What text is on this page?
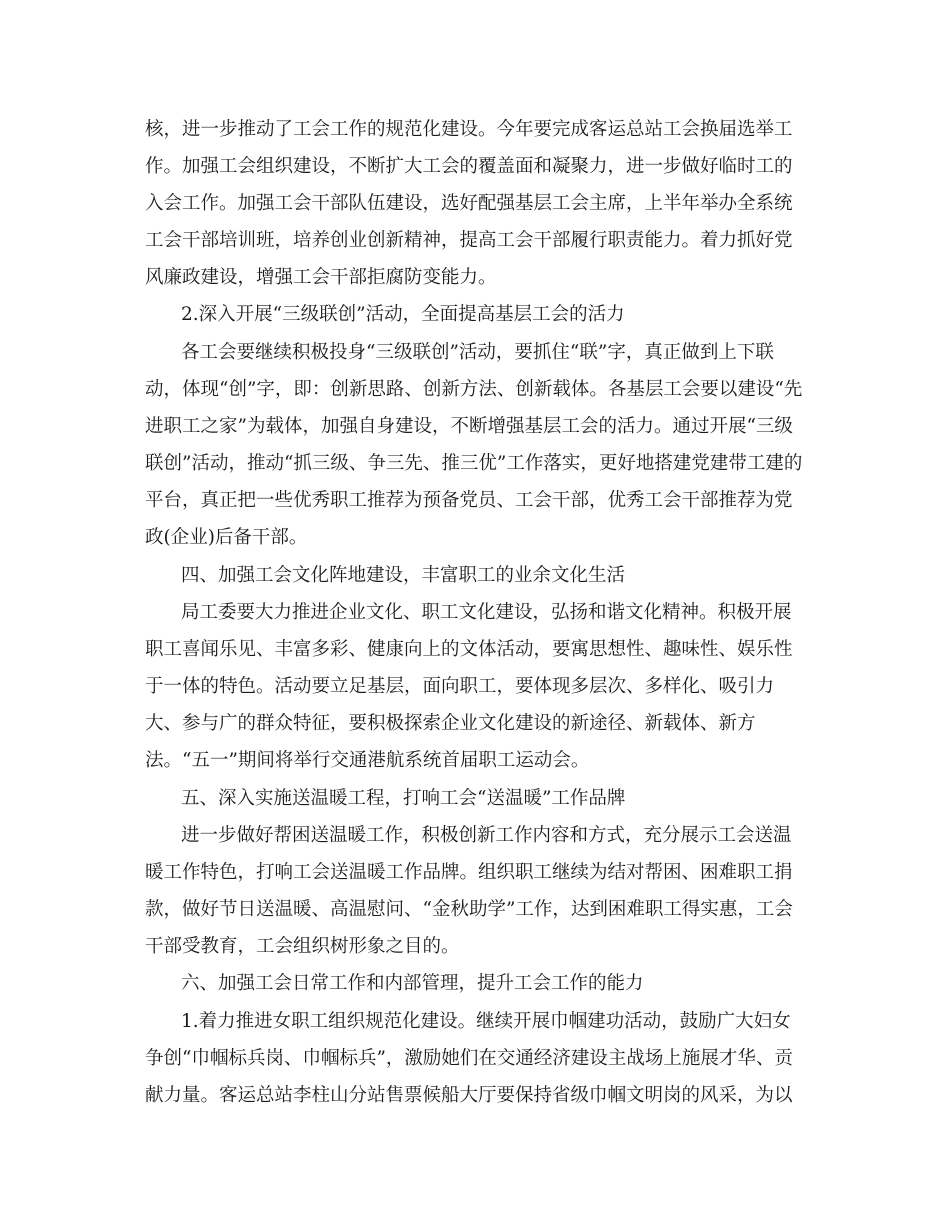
核，进一步推动了工会工作的规范化建设。今年要完成客运总站工会换届选举工
作。加强工会组织建设，不断扩大工会的覆盖面和凝聚力，进一步做好临时工的
入会工作。加强工会干部队伍建设，选好配强基层工会主席，上半年举办全系统
工会干部培训班，培养创业创新精神，提高工会干部履行职责能力。着力抓好党
风廉政建设，增强工会干部拒腐防变能力。
2.深入开展“三级联创”活动，全面提高基层工会的活力
各工会要继续积极投身“三级联创”活动，要抓住“联”字，真正做到上下联
动，体现“创”字，即：创新思路、创新方法、创新载体。各基层工会要以建设“先
进职工之家”为载体，加强自身建设，不断增强基层工会的活力。通过开展“三级
联创”活动，推动“抓三级、争三先、推三优”工作落实，更好地搭建党建带工建的
平台，真正把一些优秀职工推荐为预备党员、工会干部，优秀工会干部推荐为党
政(企业)后备干部。
四、加强工会文化阵地建设，丰富职工的业余文化生活
局工委要大力推进企业文化、职工文化建设，弘扬和谐文化精神。积极开展
职工喜闻乐见、丰富多彩、健康向上的文体活动，要寓思想性、趣味性、娱乐性
于一体的特色。活动要立足基层，面向职工，要体现多层次、多样化、吸引力
大、参与广的群众特征，要积极探索企业文化建设的新途径、新载体、新方
法。“五一”期间将举行交通港航系统首届职工运动会。
五、深入实施送温暖工程，打响工会“送温暖”工作品牌
进一步做好帮困送温暖工作，积极创新工作内容和方式，充分展示工会送温
暖工作特色，打响工会送温暖工作品牌。组织职工继续为结对帮困、困难职工捐
款，做好节日送温暖、高温慰问、“金秋助学”工作，达到困难职工得实惠，工会
干部受教育，工会组织树形象之目的。
六、加强工会日常工作和内部管理，提升工会工作的能力
1.着力推进女职工组织规范化建设。继续开展巾帼建功活动，鼓励广大妇女
争创“巾帼标兵岗、巾帼标兵”，激励她们在交通经济建设主战场上施展才华、贡
献力量。客运总站李柱山分站售票候船大厅要保持省级巾帼文明岗的风采，为以
